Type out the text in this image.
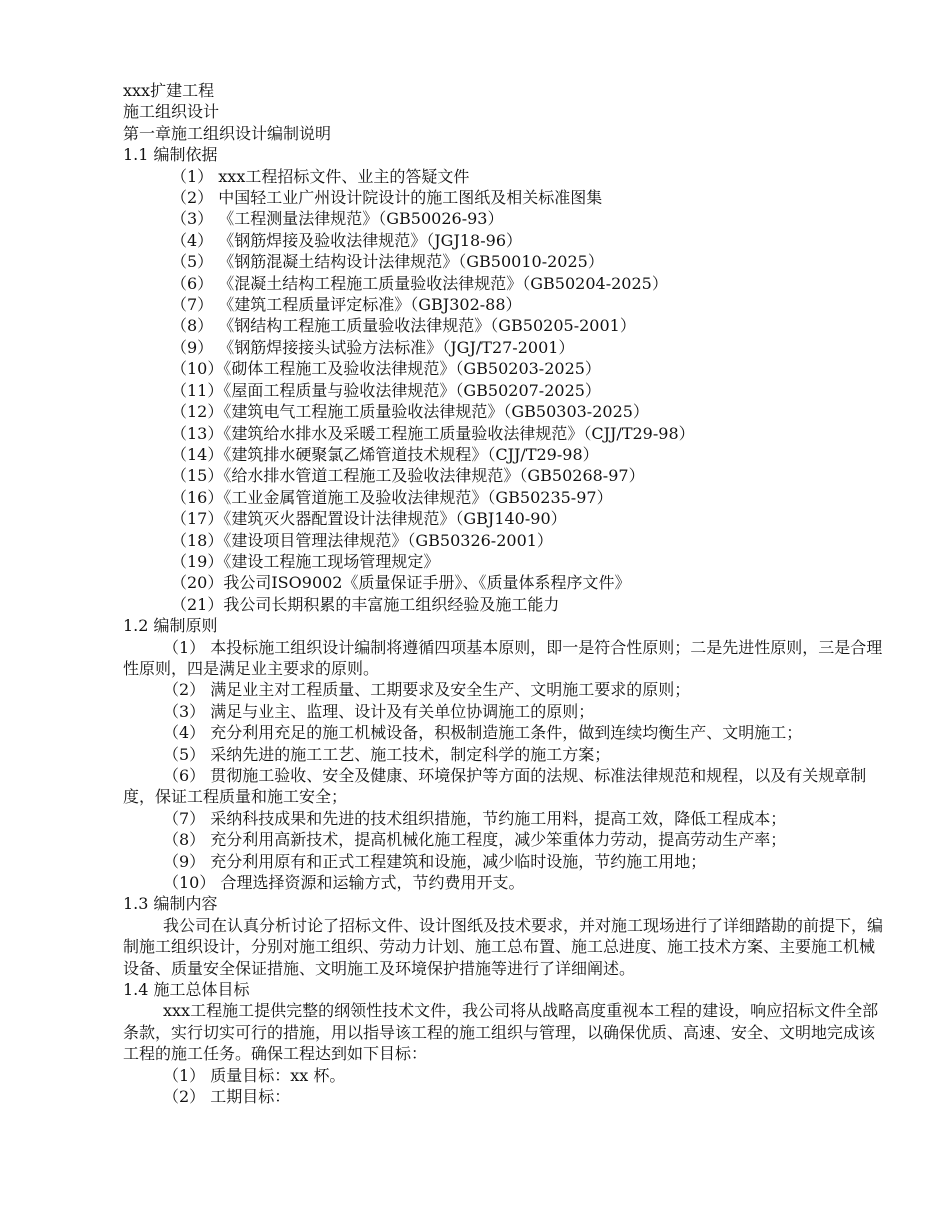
xxx扩建工程
施工组织设计
第一章施工组织设计编制说明
1.1 编制依据
（1） xxx工程招标文件、业主的答疑文件
（2） 中国轻工业广州设计院设计的施工图纸及相关标准图集
（3） 《工程测量法律规范》（GB50026-93）
（4） 《钢筋焊接及验收法律规范》（JGJ18-96）
（5） 《钢筋混凝土结构设计法律规范》（GB50010-2025）
（6） 《混凝土结构工程施工质量验收法律规范》（GB50204-2025）
（7） 《建筑工程质量评定标准》（GBJ302-88）
（8） 《钢结构工程施工质量验收法律规范》（GB50205-2001）
（9） 《钢筋焊接接头试验方法标准》（JGJ/T27-2001）
（10）《砌体工程施工及验收法律规范》（GB50203-2025）
（11）《屋面工程质量与验收法律规范》（GB50207-2025）
（12）《建筑电气工程施工质量验收法律规范》（GB50303-2025）
（13）《建筑给水排水及采暖工程施工质量验收法律规范》（CJJ/T29-98）
（14）《建筑排水硬聚氯乙烯管道技术规程》（CJJ/T29-98）
（15）《给水排水管道工程施工及验收法律规范》（GB50268-97）
（16）《工业金属管道施工及验收法律规范》（GB50235-97）
（17）《建筑灭火器配置设计法律规范》（GBJ140-90）
（18）《建设项目管理法律规范》（GB50326-2001）
（19）《建设工程施工现场管理规定》
（20）我公司ISO9002《质量保证手册》、《质量体系程序文件》
（21）我公司长期积累的丰富施工组织经验及施工能力
1.2 编制原则

（1） 本投标施工组织设计编制将遵循四项基本原则，即一是符合性原则；二是先进性原则，三是合理性原则，四是满足业主要求的原则。

（2） 满足业主对工程质量、工期要求及安全生产、文明施工要求的原则；

（3） 满足与业主、监理、设计及有关单位协调施工的原则；

（4） 充分利用充足的施工机械设备，积极制造施工条件，做到连续均衡生产、文明施工；

（5） 采纳先进的施工工艺、施工技术，制定科学的施工方案；

（6） 贯彻施工验收、安全及健康、环境保护等方面的法规、标准法律规范和规程，以及有关规章制度，保证工程质量和施工安全；

（7） 采纳科技成果和先进的技术组织措施，节约施工用料，提高工效，降低工程成本；

（8） 充分利用高新技术，提高机械化施工程度，减少笨重体力劳动，提高劳动生产率；

（9） 充分利用原有和正式工程建筑和设施，减少临时设施，节约施工用地；

（10） 合理选择资源和运输方式，节约费用开支。

1.3 编制内容

我公司在认真分析讨论了招标文件、设计图纸及技术要求，并对施工现场进行了详细踏勘的前提下，编制施工组织设计，分别对施工组织、劳动力计划、施工总布置、施工总进度、施工技术方案、主要施工机械设备、质量安全保证措施、文明施工及环境保护措施等进行了详细阐述。

1.4 施工总体目标

xxx工程施工提供完整的纲领性技术文件，我公司将从战略高度重视本工程的建设，响应招标文件全部条款，实行切实可行的措施，用以指导该工程的施工组织与管理，以确保优质、高速、安全、文明地完成该工程的施工任务。确保工程达到如下目标：

（1） 质量目标：xx 杯。
（2） 工期目标：
